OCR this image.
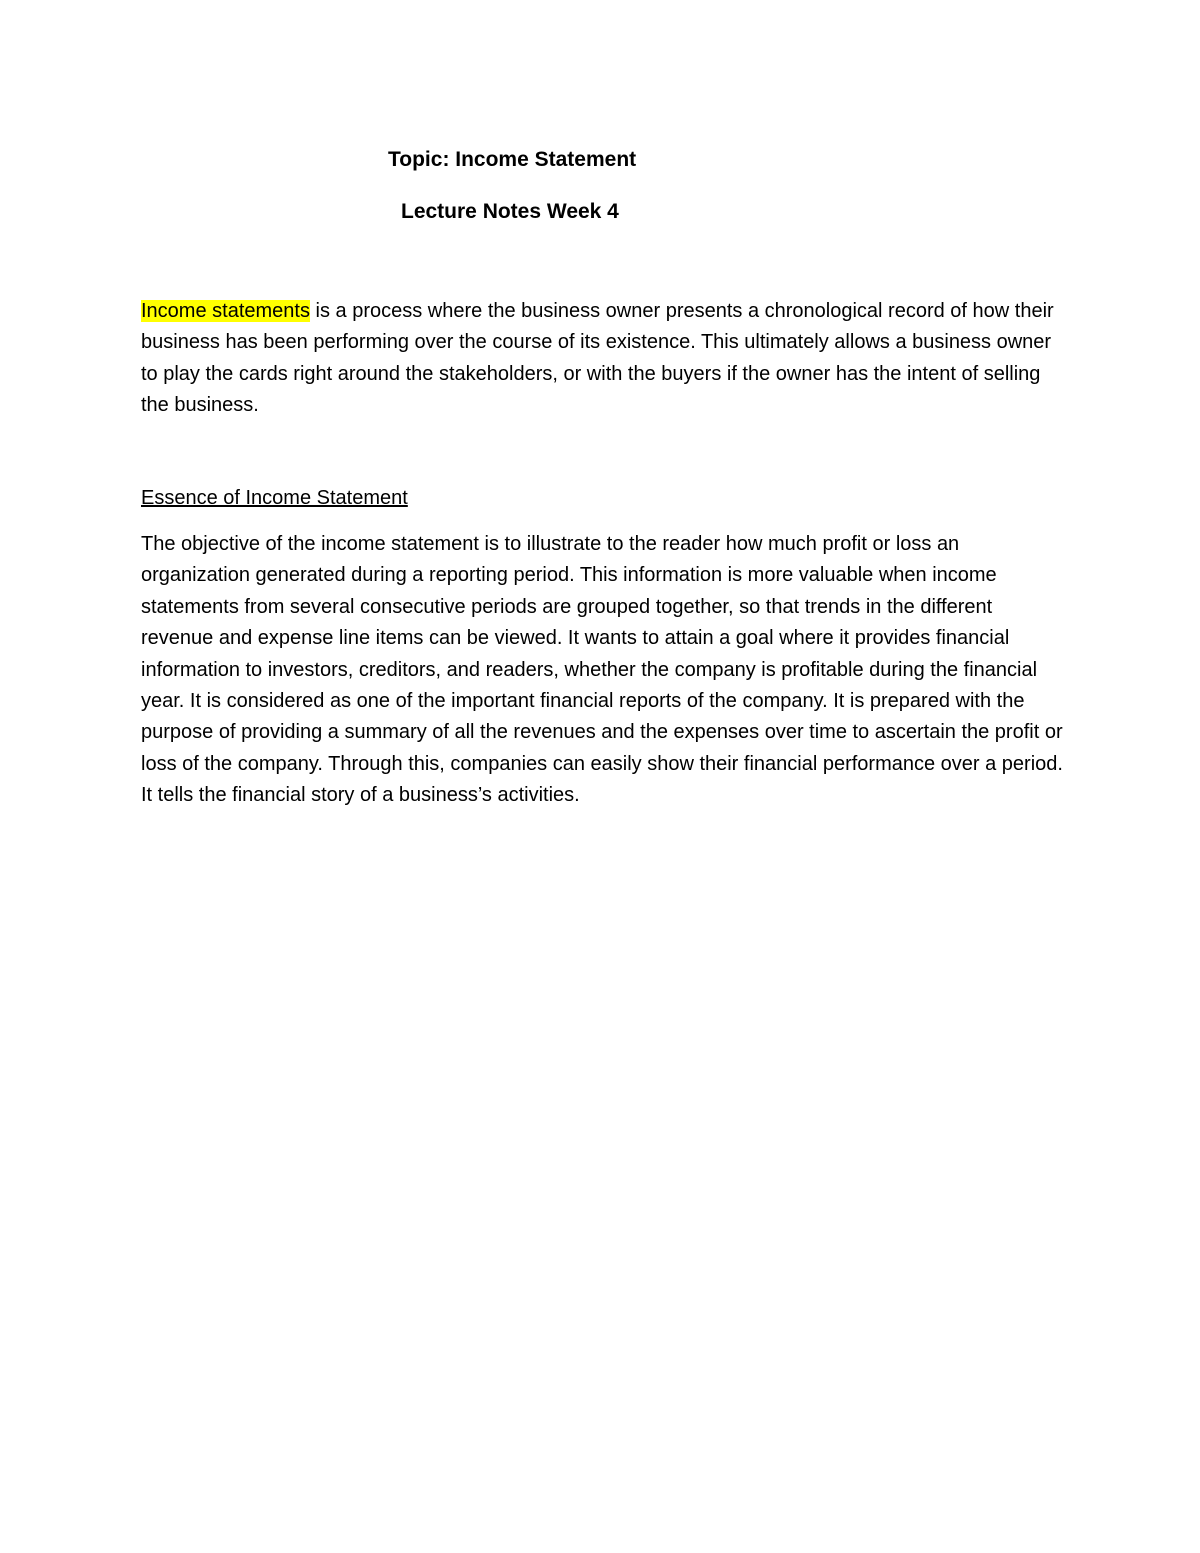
Topic: Income Statement
Lecture Notes Week 4

Income statements is a process where the business owner presents a chronological record of how their business has been performing over the course of its existence. This ultimately allows a business owner to play the cards right around the stakeholders, or with the buyers if the owner has the intent of selling the business.

Essence of Income Statement

The objective of the income statement is to illustrate to the reader how much profit or loss an organization generated during a reporting period. This information is more valuable when income statements from several consecutive periods are grouped together, so that trends in the different revenue and expense line items can be viewed. It wants to attain a goal where it provides financial information to investors, creditors, and readers, whether the company is profitable during the financial year. It is considered as one of the important financial reports of the company. It is prepared with the purpose of providing a summary of all the revenues and the expenses over time to ascertain the profit or loss of the company. Through this, companies can easily show their financial performance over a period. It tells the financial story of a business’s activities.
